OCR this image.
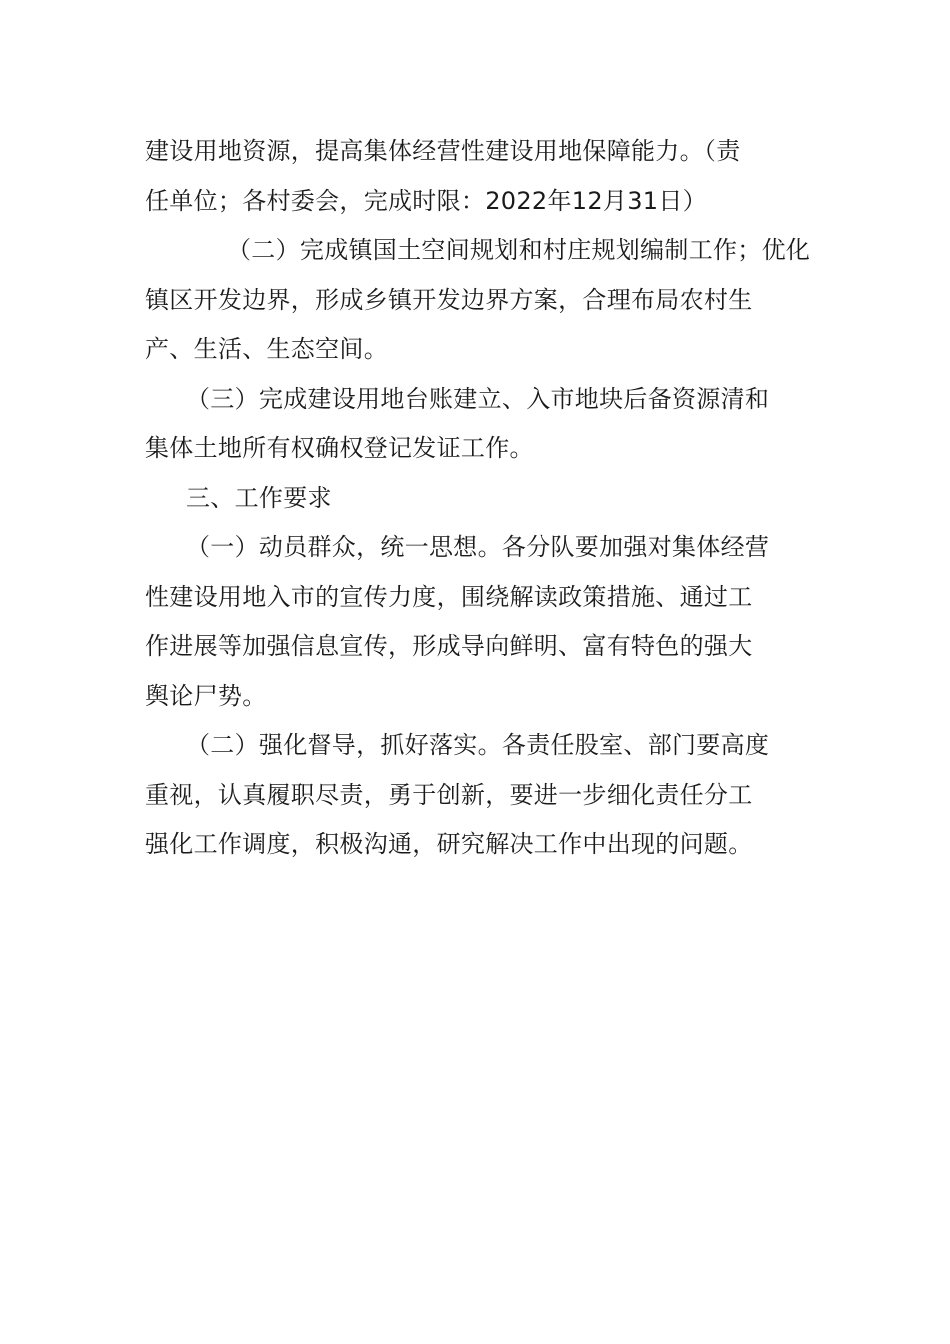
建设用地资源，提高集体经营性建设用地保障能力。（责
任单位；各村委会，完成时限：2022年12月31日）

（二）完成镇国土空间规划和村庄规划编制工作；优化
镇区开发边界，形成乡镇开发边界方案，合理布局农村生
产、生活、生态空间。

（三）完成建设用地台账建立、入市地块后备资源清和
集体土地所有权确权登记发证工作。

三、工作要求

（一）动员群众，统一思想。各分队要加强对集体经营
性建设用地入市的宣传力度，围绕解读政策措施、通过工
作进展等加强信息宣传，形成导向鲜明、富有特色的强大
舆论尸势。

（二）强化督导，抓好落实。各责任股室、部门要高度
重视，认真履职尽责，勇于创新，要进一步细化责任分工
强化工作调度，积极沟通，研究解决工作中出现的问题。
